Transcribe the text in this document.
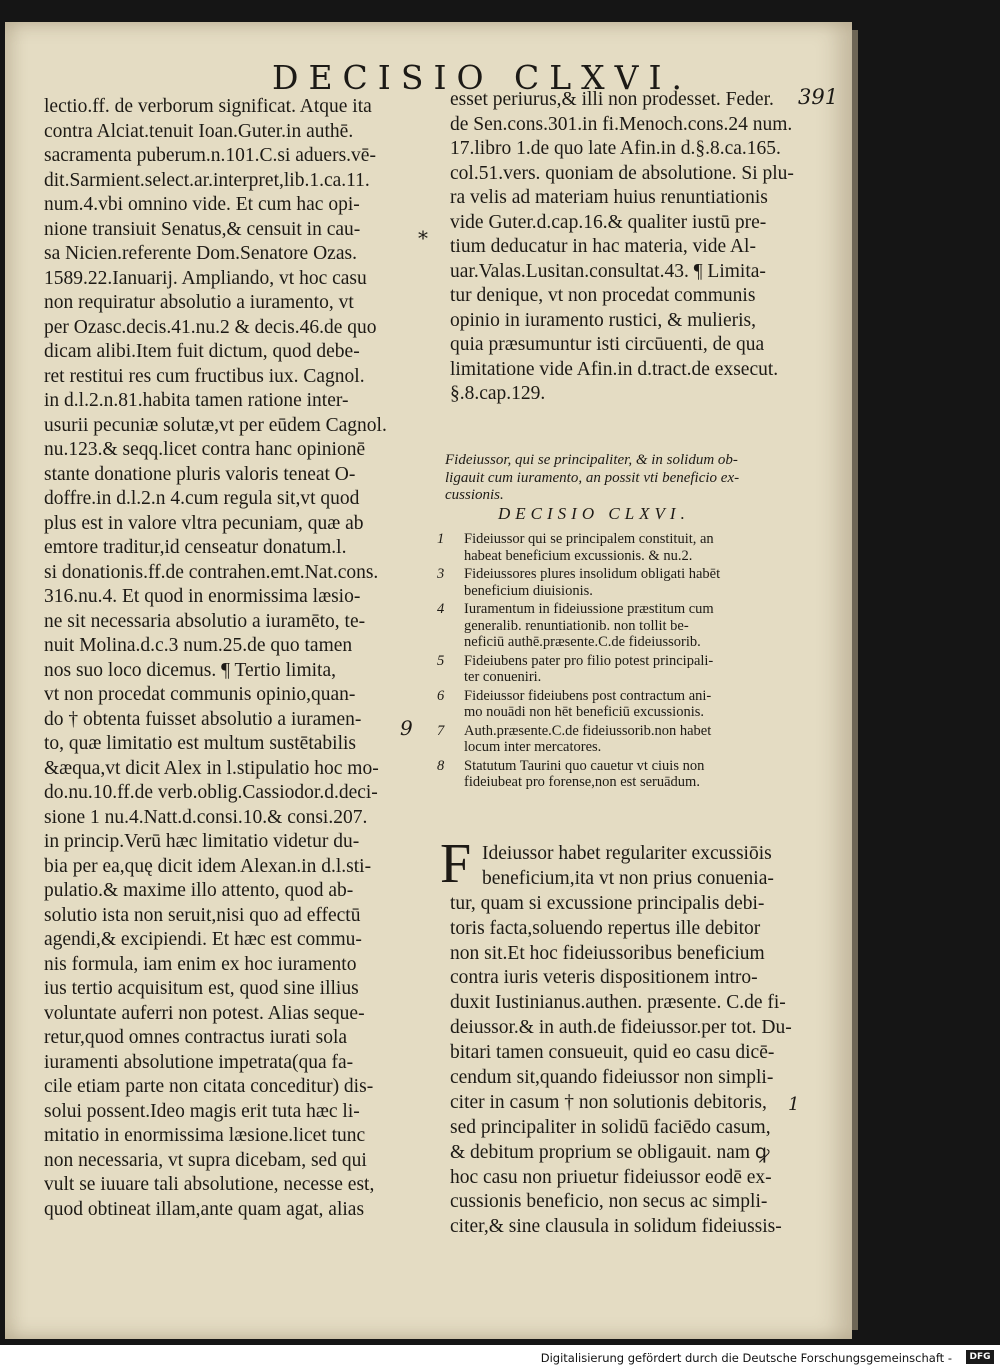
DECISIO CLXVI.	391
lectio.ff. de verborum significat. Atque ita
contra Alciat.tenuit Ioan.Guter.in authē.
sacramenta puberum.n.101.C.si aduers.vē-
dit.Sarmient.select.ar.interpret,lib.1.ca.11.
num.4.vbi omnino vide. Et cum hac opi-
nione transiuit Senatus,& censuit in cau-
sa Nicien.referente Dom.Senatore Ozas.
1589.22.Ianuarij. Ampliando, vt hoc casu
non requiratur absolutio a iuramento, vt
per Ozasc.decis.41.nu.2 & decis.46.de quo
dicam alibi.Item fuit dictum, quod debe-
ret restitui res cum fructibus iux. Cagnol.
in d.l.2.n.81.habita tamen ratione inter-
usurii pecuniæ solutæ,vt per eūdem Cagnol.
nu.123.& seqq.licet contra hanc opinionē
stante donatione pluris valoris teneat O-
doffre.in d.l.2.n 4.cum regula sit,vt quod
plus est in valore vltra pecuniam, quæ ab
emtore traditur,id censeatur donatum.l.
si donationis.ff.de contrahen.emt.Nat.cons.
316.nu.4. Et quod in enormissima læsio-
ne sit necessaria absolutio a iuramēto, te-
nuit Molina.d.c.3 num.25.de quo tamen
nos suo loco dicemus. ¶ Tertio limita,
vt non procedat communis opinio,quan-
do † obtenta fuisset absolutio a iuramen-
to, quæ limitatio est multum sustētabilis
&æqua,vt dicit Alex in l.stipulatio hoc mo-
do.nu.10.ff.de verb.oblig.Cassiodor.d.deci-
sione 1 nu.4.Natt.d.consi.10.& consi.207.
in princip.Verū hæc limitatio videtur du-
bia per ea,quę dicit idem Alexan.in d.l.sti-
pulatio.& maxime illo attento, quod ab-
solutio ista non seruit,nisi quo ad effectū
agendi,& excipiendi. Et hæc est commu-
nis formula, iam enim ex hoc iuramento
ius tertio acquisitum est, quod sine illius
voluntate auferri non potest. Alias seque-
retur,quod omnes contractus iurati sola
iuramenti absolutione impetrata(qua fa-
cile etiam parte non citata conceditur) dis-
solui possent.Ideo magis erit tuta hæc li-
mitatio in enormissima læsione.licet tunc
non necessaria, vt supra dicebam, sed qui
vult se iuuare tali absolutione, necesse est,
quod obtineat illam,ante quam agat, alias
esset periurus,& illi non prodesset. Feder.
de Sen.cons.301.in fi.Menoch.cons.24 num.
17.libro 1.de quo late Afin.in d.§.8.ca.165.
col.51.vers. quoniam de absolutione. Si plu-
ra velis ad materiam huius renuntiationis
vide Guter.d.cap.16.& qualiter iustū pre-
tium deducatur in hac materia, vide Al-
uar.Valas.Lusitan.consultat.43. ¶ Limita-
tur denique, vt non procedat communis
opinio in iuramento rustici, & mulieris,
quia præsumuntur isti circūuenti, de qua
limitatione vide Afin.in d.tract.de exsecut.
§.8.cap.129.
Fideiussor, qui se principaliter, & in solidum ob-
ligauit cum iuramento, an possit vti beneficio ex-
cussionis.
DECISIO CLXVI.
1	Fideiussor qui se principalem constituit, an
habeat beneficium excussionis. & nu.2.
3	Fideiussores plures insolidum obligati habēt
beneficium diuisionis.
4	Iuramentum in fideiussione præstitum cum
generalib. renuntiationib. non tollit be-
neficiū authē.præsente.C.de fideiussorib.
5	Fideiubens pater pro filio potest principali-
ter conueniri.
6	Fideiussor fideiubens post contractum ani-
mo nouādi non hēt beneficiū excussionis.
7	Auth.præsente.C.de fideiussorib.non habet
locum inter mercatores.
8	Statutum Taurini quo cauetur vt ciuis non
fideiubeat pro forense,non est seruādum.
F Ideiussor habet regulariter excussiōis
beneficium,ita vt non prius conuenia-
tur, quam si excussione principalis debi-
toris facta,soluendo repertus ille debitor
non sit.Et hoc fideiussoribus beneficium
contra iuris veteris dispositionem intro-
duxit Iustinianus.authen. præsente. C.de fi-
deiussor.& in auth.de fideiussor.per tot. Du-
bitari tamen consueuit, quid eo casu dicē-
cendum sit,quando fideiussor non simpli-
citer in casum † non solutionis debitoris,
sed principaliter in solidū faciēdo casum,
& debitum proprium se obligauit. nam ꝙ
hoc casu non priuetur fideiussor eodē ex-
cussionis beneficio, non secus ac simpli-
citer,& sine clausula in solidum fideiussis-
*
9
1
Digitalisierung gefördert durch die Deutsche Forschungsgemeinschaft -	DFG
